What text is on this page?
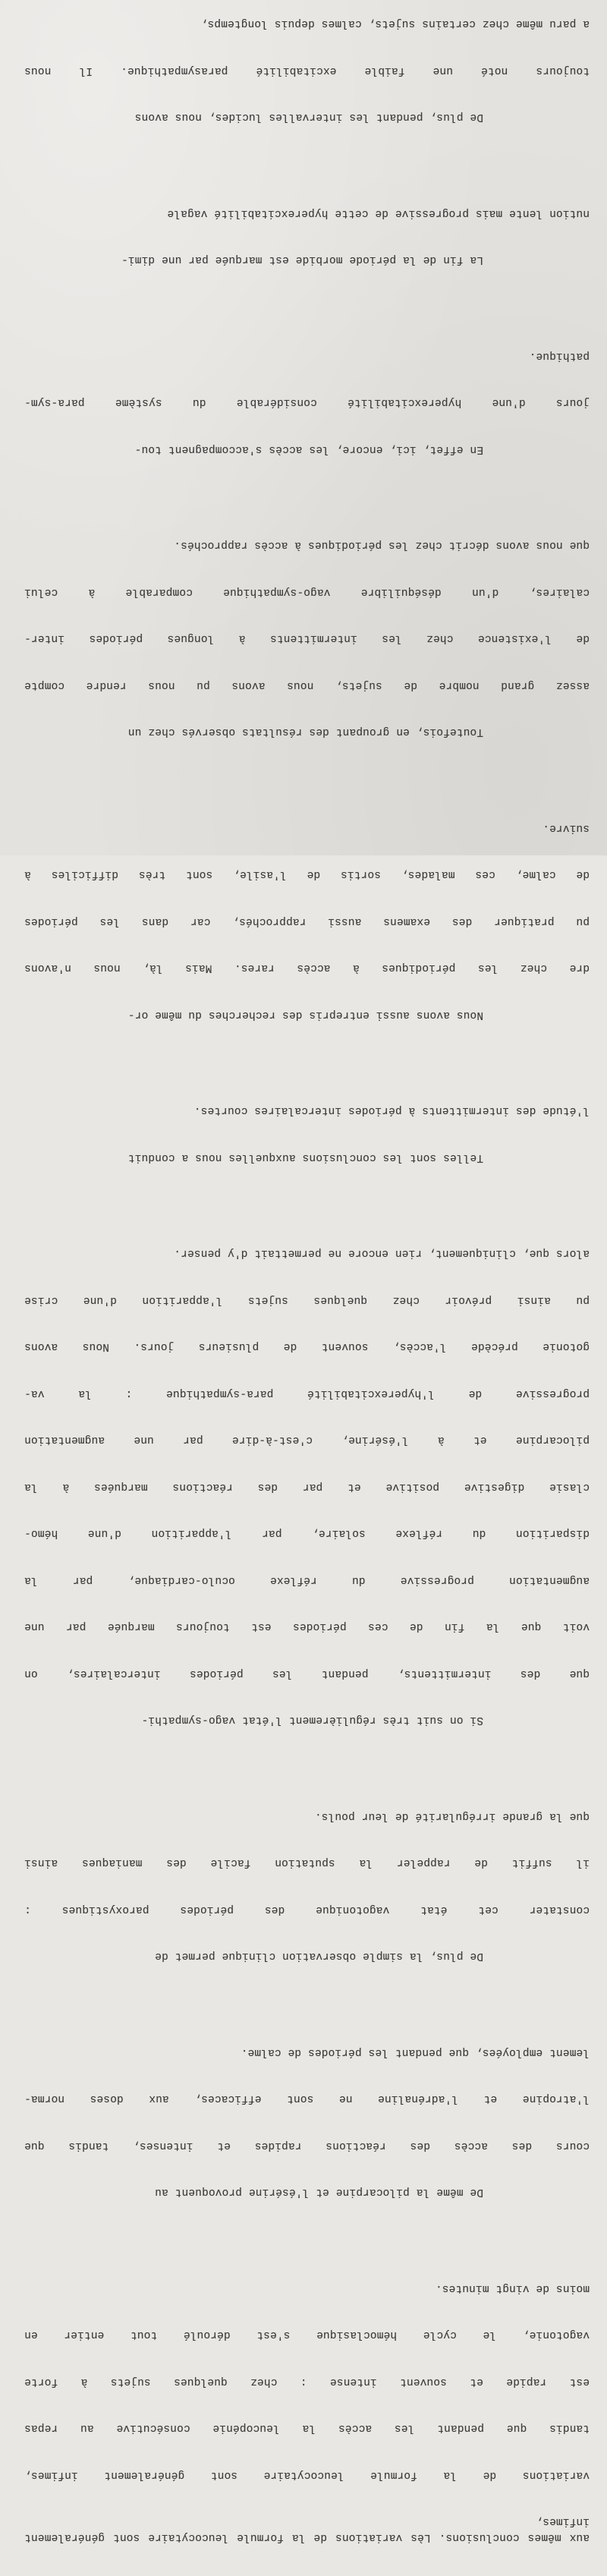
aux mêmes conclusions. Lès variations de la formule leucocytaire sont généralement infimes,

variations de la formule leucocytaire sont généralement infimes,

tandis que pendant les accès la leucopénie consécutive au repas

est rapide et souvent intense : chez quelques sujets à forte

vagotonie, le cycle hémoclasique s'est déroulé tout entier en

moins de vingt minutes.

De même la pilocarpine et l'ésérine provoquent au

cours des accès des réactions rapides et intenses, tandis que

l'atropine et l'adrénaline ne sont efficaces, aux doses norma-

lement employées, que pendant les périodes de calme.

De plus, la simple observation clinique permet de

constater cet état vagotonique des périodes paroxystiques :

il suffit de rappeler la sputation facile des maniaques ainsi

que la grande irrégularité de leur pouls.

Si on suit très régulièrement l'état vago-sympathi-

que des intermittents, pendant les périodes intercalaires, on

voit que la fin de ces périodes est toujours marquée par une

augmentation progressive du réflexe oculo-cardiaque, par la

disparition du réflexe solaire, par l'apparition d'une hémo-

clasie digestive positive et par des réactions marquées à la

pilocarpine et à l'ésérine, c'est-à-dire par une augmentation

progressive de l'hyperexcitabilité para-sympathique : la va-

gotonie précède l'accès, souvent de plusieurs jours. Nous avons

pu ainsi prévoir chez quelques sujets l'apparition d'une crise

alors que, cliniquement, rien encore ne permettait d'y penser.

Telles sont les conclusions auxquelles nous a conduit

l'étude des intermittents à périodes intercalaires courtes.

Nous avons aussi entrepris des recherches du même or-

dre chez les périodiques à accès rares. Mais là, nous n'avons

pu pratiquer des examens aussi rapprochés, car dans les périodes

de calme, ces malades, sortis de l'asile, sont très difficiles à

suivre.

Toutefois, en groupant des résultats observés chez un

assez grand nombre de sujets, nous avons pu nous rendre compte

de l'existence chez les intermittents à longues périodes inter-

calaires, d'un déséquilibre vago-sympathique comparable à celui

que nous avons décrit chez les périodiques à accès rapprochés.

En effet, ici, encore, les accès s'accompagnent tou-

jours d'une hyperexcitabilité considérable du système para-sym-

pathique.

La fin de la période morbide est marquée par une dimi-

nution lente mais progressive de cette hyperexcitabilité vagale

De plus, pendant les intervalles lucides, nous avons

toujours noté une faible excitabilité parasympathique. Il nous

a paru même chez certains sujets, calmes depuis longtemps,
